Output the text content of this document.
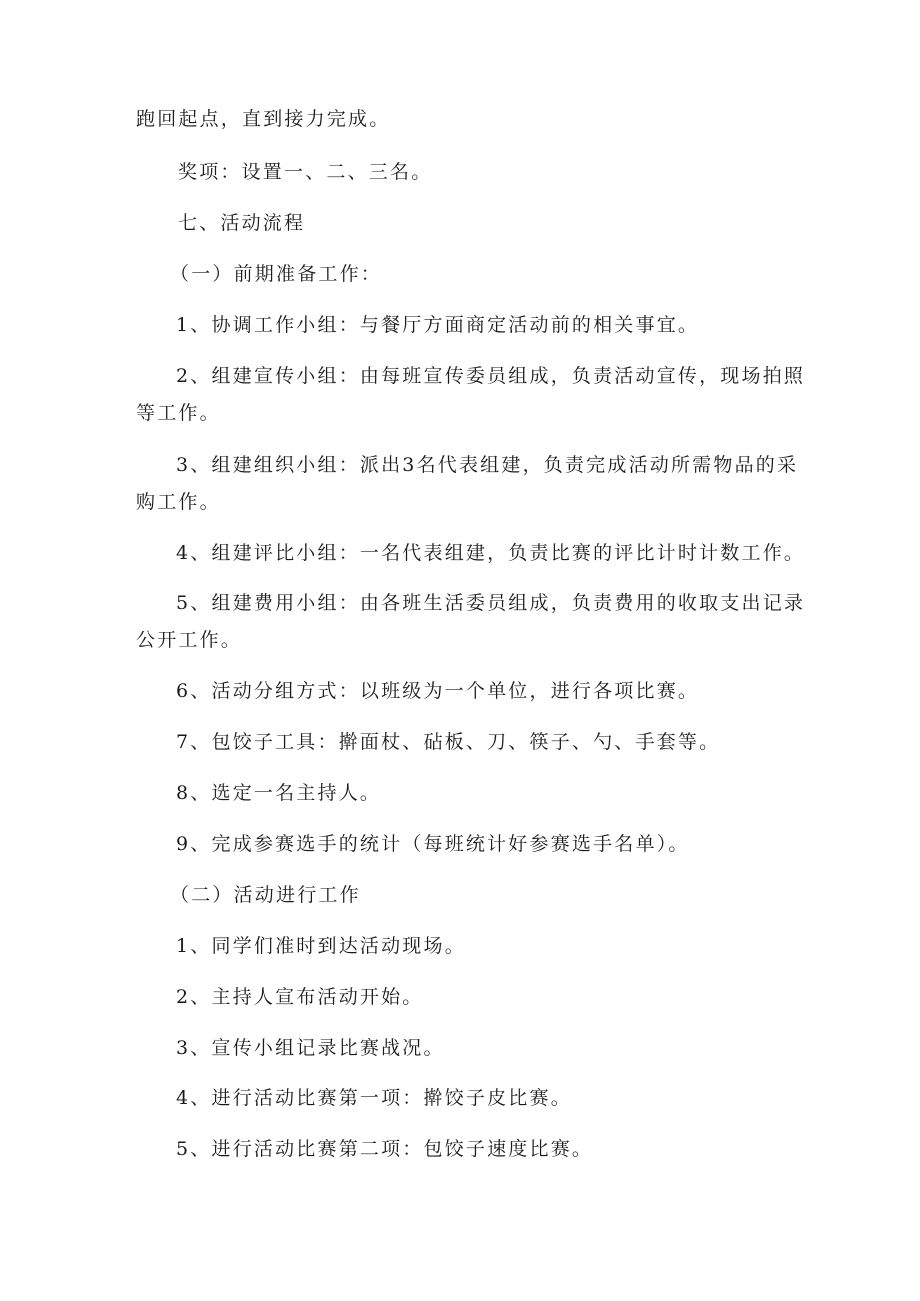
跑回起点，直到接力完成。

奖项：设置一、二、三名。

七、活动流程

（一）前期准备工作：

1、协调工作小组：与餐厅方面商定活动前的相关事宜。

2、组建宣传小组：由每班宣传委员组成，负责活动宣传，现场拍照

等工作。

3、组建组织小组：派出3名代表组建，负责完成活动所需物品的采

购工作。

4、组建评比小组：一名代表组建，负责比赛的评比计时计数工作。

5、组建费用小组：由各班生活委员组成，负责费用的收取支出记录

公开工作。

6、活动分组方式：以班级为一个单位，进行各项比赛。

7、包饺子工具：擀面杖、砧板、刀、筷子、勺、手套等。

8、选定一名主持人。

9、完成参赛选手的统计（每班统计好参赛选手名单）。

（二）活动进行工作

1、同学们准时到达活动现场。

2、主持人宣布活动开始。

3、宣传小组记录比赛战况。

4、进行活动比赛第一项：擀饺子皮比赛。

5、进行活动比赛第二项：包饺子速度比赛。
